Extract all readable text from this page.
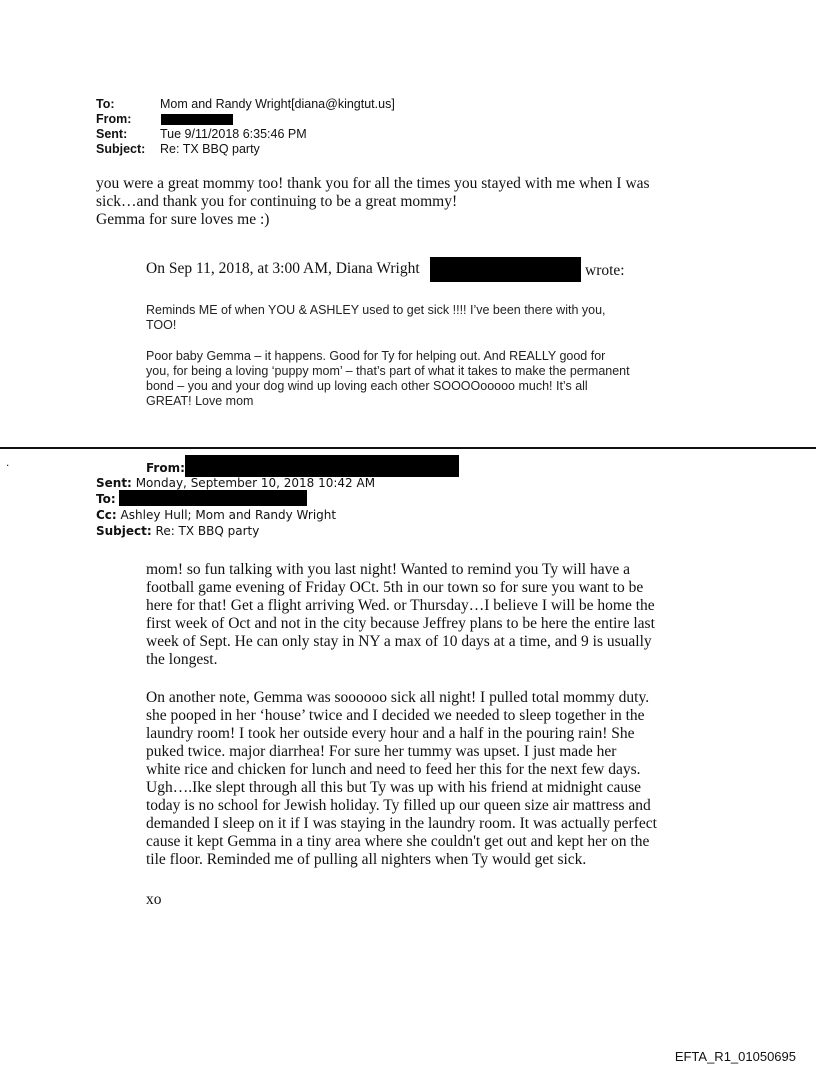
To:	Mom and Randy Wright[diana@kingtut.us]
From:
Sent:	Tue 9/11/2018 6:35:46 PM
Subject: Re: TX BBQ party
you were a great mommy too! thank you for all the times you stayed with me when I was
sick…and thank you for continuing to be a great mommy!
Gemma for sure loves me :)
On Sep 11, 2018, at 3:00 AM, Diana Wright	wrote:
Reminds ME of when YOU & ASHLEY used to get sick !!!! I’ve been there with you,
TOO!
Poor baby Gemma – it happens. Good for Ty for helping out. And REALLY good for
you, for being a loving ‘puppy mom’ – that’s part of what it takes to make the permanent
bond – you and your dog wind up loving each other SOOOOooooo much! It’s all
GREAT! Love mom
.	From:
Sent: Monday, September 10, 2018 10:42 AM
To:
Cc: Ashley Hull; Mom and Randy Wright
Subject: Re: TX BBQ party
mom! so fun talking with you last night! Wanted to remind you Ty will have a
football game evening of Friday OCt. 5th in our town so for sure you want to be
here for that! Get a flight arriving Wed. or Thursday…I believe I will be home the
first week of Oct and not in the city because Jeffrey plans to be here the entire last
week of Sept. He can only stay in NY a max of 10 days at a time, and 9 is usually
the longest.
On another note, Gemma was soooooo sick all night! I pulled total mommy duty.
she pooped in her ‘house’ twice and I decided we needed to sleep together in the
laundry room! I took her outside every hour and a half in the pouring rain! She
puked twice. major diarrhea! For sure her tummy was upset. I just made her
white rice and chicken for lunch and need to feed her this for the next few days.
Ugh….Ike slept through all this but Ty was up with his friend at midnight cause
today is no school for Jewish holiday. Ty filled up our queen size air mattress and
demanded I sleep on it if I was staying in the laundry room. It was actually perfect
cause it kept Gemma in a tiny area where she couldn't get out and kept her on the
tile floor. Reminded me of pulling all nighters when Ty would get sick.
xo
EFTA_R1_01050695
